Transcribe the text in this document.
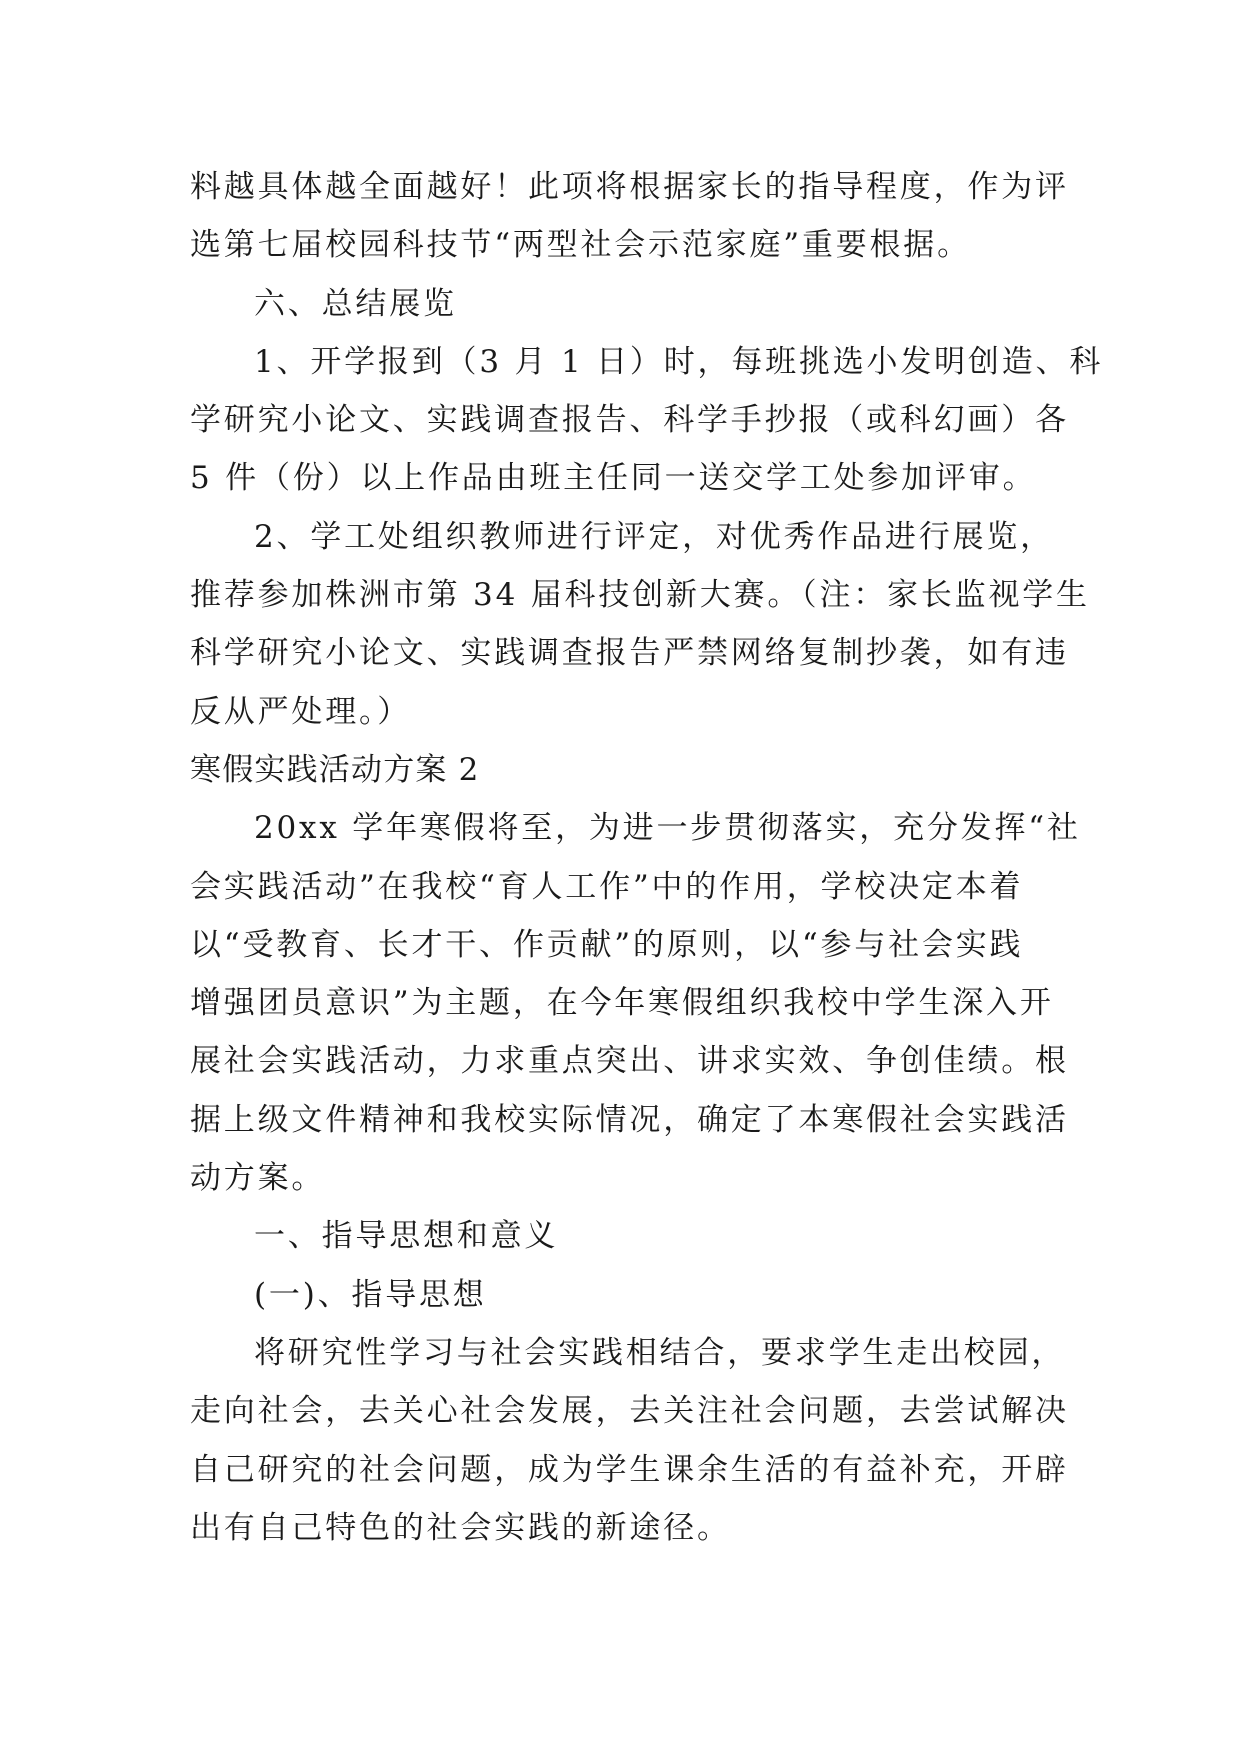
料越具体越全面越好！此项将根据家长的指导程度，作为评
选第七届校园科技节“两型社会示范家庭”重要根据。
六、总结展览
1、开学报到（3 月 1 日）时，每班挑选小发明创造、科
学研究小论文、实践调查报告、科学手抄报（或科幻画）各
5 件（份）以上作品由班主任同一送交学工处参加评审。
2、学工处组织教师进行评定，对优秀作品进行展览，
推荐参加株洲市第 34 届科技创新大赛。（注：家长监视学生
科学研究小论文、实践调查报告严禁网络复制抄袭，如有违
反从严处理。）
寒假实践活动方案 2
20xx 学年寒假将至，为进一步贯彻落实，充分发挥“社
会实践活动”在我校“育人工作”中的作用，学校决定本着
以“受教育、长才干、作贡献”的原则，以“参与社会实践
增强团员意识”为主题，在今年寒假组织我校中学生深入开
展社会实践活动，力求重点突出、讲求实效、争创佳绩。根
据上级文件精神和我校实际情况，确定了本寒假社会实践活
动方案。
一、指导思想和意义
(一)、指导思想
将研究性学习与社会实践相结合，要求学生走出校园，
走向社会，去关心社会发展，去关注社会问题，去尝试解决
自己研究的社会问题，成为学生课余生活的有益补充，开辟
出有自己特色的社会实践的新途径。
